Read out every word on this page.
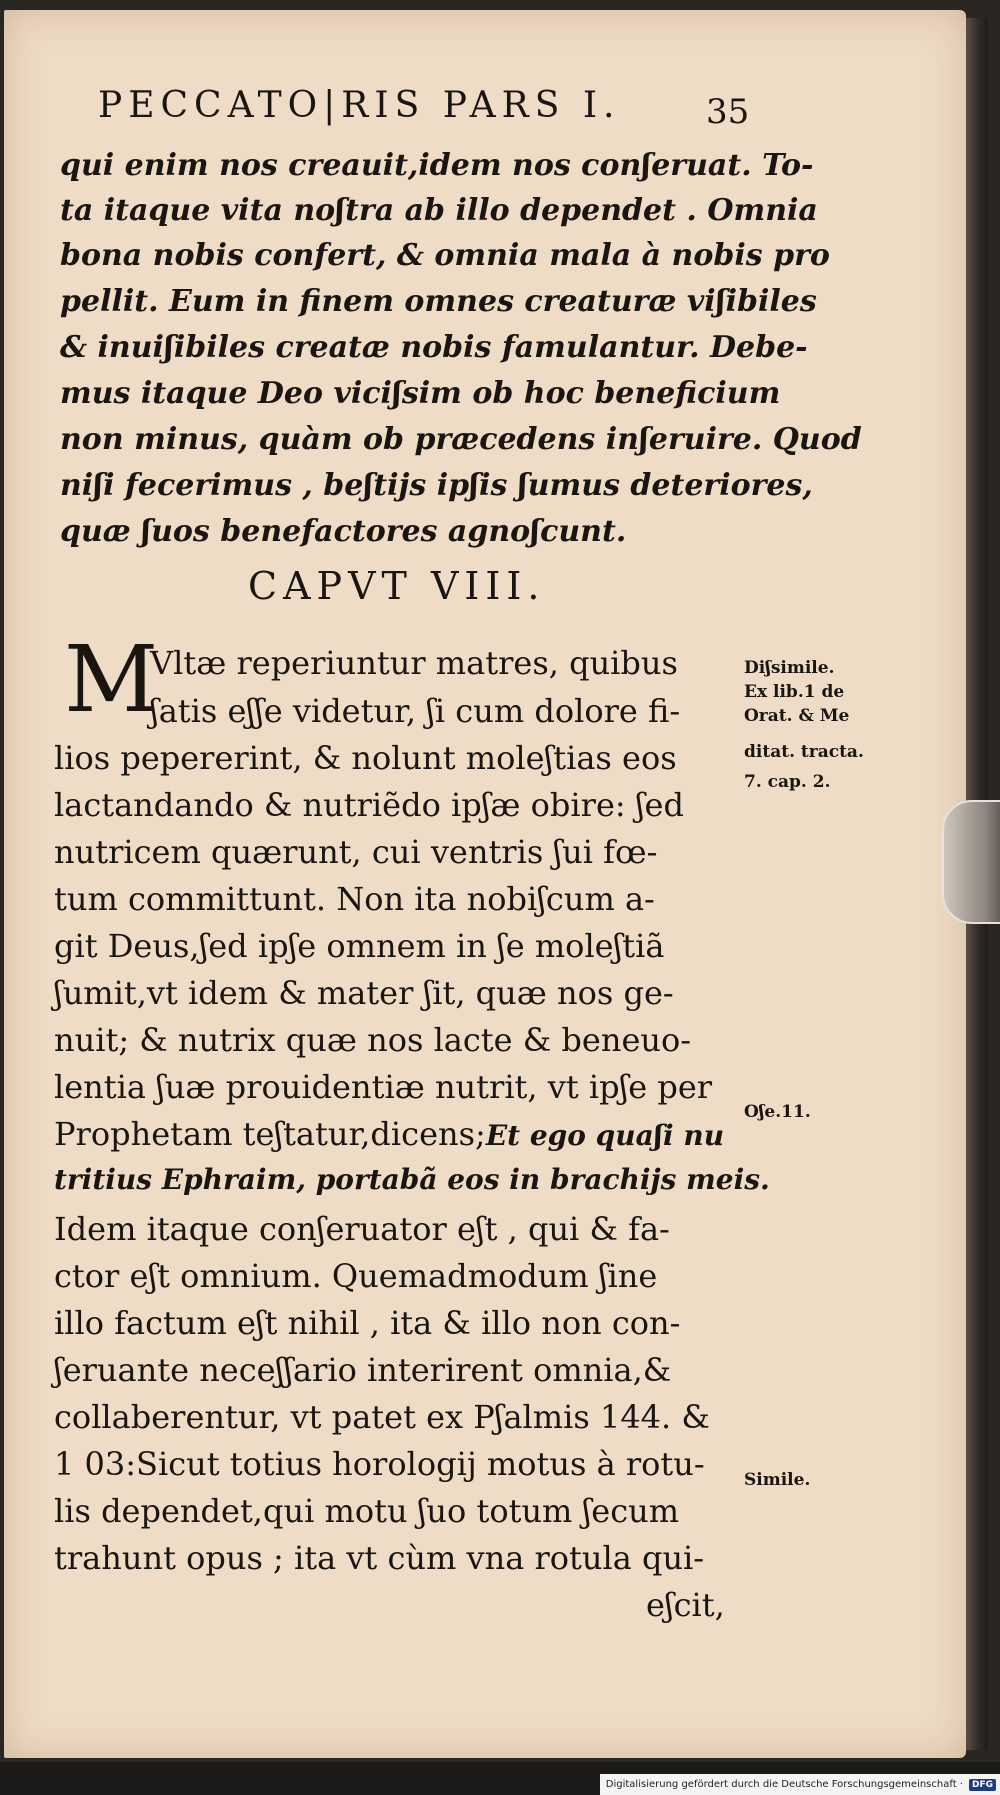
PECCATO|RIS PARS I.	35
qui enim nos creauit,idem nos conʃeruat. To-
ta itaque vita noʃtra ab illo dependet . Omnia
bona nobis confert, & omnia mala à nobis pro
pellit. Eum in finem omnes creaturæ viʃibiles
& inuiʃibiles creatæ nobis famulantur. Debe-
mus itaque Deo viciʃsim ob hoc beneficium
non minus, quàm ob præcedens inʃeruire. Quod
niʃi fecerimus , beʃtijs ipʃis ʃumus deteriores,
quæ ʃuos benefactores agnoʃcunt.
CAPVT VIII.
M
Vltæ reperiuntur matres, quibus
ʃatis eʃʃe videtur, ʃi cum dolore fi-
lios pepererint, & nolunt moleʃtias eos
lactandando & nutriẽdo ipʃæ obire: ʃed
nutricem quærunt, cui ventris ʃui fœ-
tum committunt. Non ita nobiʃcum a-
git Deus,ʃed ipʃe omnem in ʃe moleʃtiã
ʃumit,vt idem & mater ʃit, quæ nos ge-
nuit; & nutrix quæ nos lacte & beneuo-
lentia ʃuæ prouidentiæ nutrit, vt ipʃe per
Prophetam teʃtatur,dicens;Et ego quaʃi nu
tritius Ephraim, portabã eos in brachijs meis.
Idem itaque conʃeruator eʃt , qui & fa-
ctor eʃt omnium. Quemadmodum ʃine
illo factum eʃt nihil , ita & illo non con-
ʃeruante neceʃʃario interirent omnia,&
collaberentur, vt patet ex Pʃalmis 144. &
1 03:Sicut totius horologij motus à rotu-
lis dependet,qui motu ʃuo totum ʃecum
trahunt opus ; ita vt cùm vna rotula qui-
eʃcit,
Diʃsimile.
Ex lib.1 de
Orat. & Me
ditat. tracta.
7. cap. 2.
Oʃe.11.
Simile.
Digitalisierung gefördert durch die Deutsche Forschungsgemeinschaft ·	DFG
